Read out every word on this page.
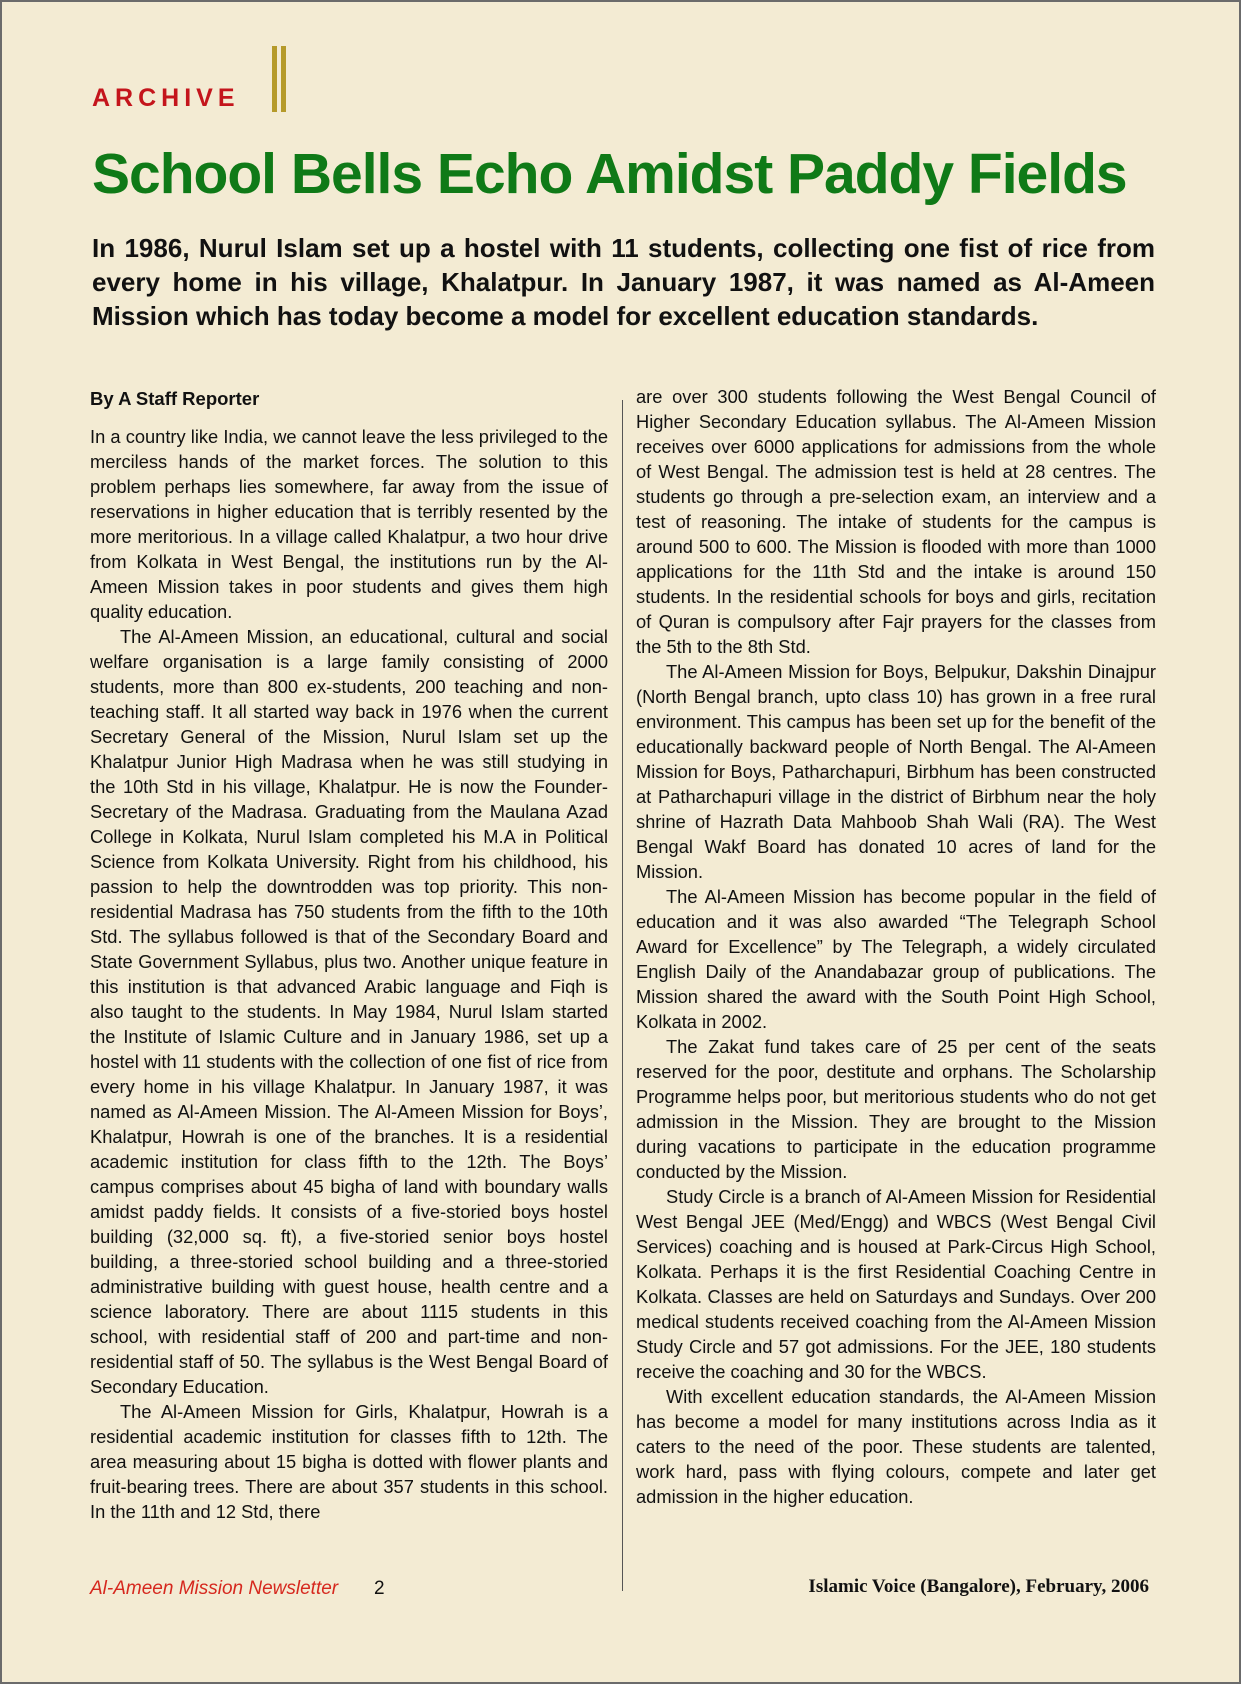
ARCHIVE
School Bells Echo Amidst Paddy Fields
In 1986, Nurul Islam set up a hostel with 11 students, collecting one fist of rice from every home in his village, Khalatpur. In January 1987, it was named as Al-Ameen Mission which has today become a model for excellent education standards.
By A Staff Reporter

In a country like India, we cannot leave the less privileged to the merciless hands of the market forces. The solution to this problem perhaps lies somewhere, far away from the issue of reservations in higher education that is terribly resented by the more meritorious. In a village called Khalatpur, a two hour drive from Kolkata in West Bengal, the institutions run by the Al-Ameen Mission takes in poor students and gives them high quality education.

The Al-Ameen Mission, an educational, cultural and social welfare organisation is a large family consisting of 2000 students, more than 800 ex-students, 200 teaching and non-teaching staff. It all started way back in 1976 when the current Secretary General of the Mission, Nurul Islam set up the Khalatpur Junior High Madrasa when he was still studying in the 10th Std in his village, Khalatpur. He is now the Founder-Secretary of the Madrasa. Graduating from the Maulana Azad College in Kolkata, Nurul Islam completed his M.A in Political Science from Kolkata University. Right from his childhood, his passion to help the downtrodden was top priority. This non-residential Madrasa has 750 students from the fifth to the 10th Std. The syllabus followed is that of the Secondary Board and State Government Syllabus, plus two. Another unique feature in this institution is that advanced Arabic language and Fiqh is also taught to the students. In May 1984, Nurul Islam started the Institute of Islamic Culture and in January 1986, set up a hostel with 11 students with the collection of one fist of rice from every home in his village Khalatpur. In January 1987, it was named as Al-Ameen Mission. The Al-Ameen Mission for Boys’, Khalatpur, Howrah is one of the branches. It is a residential academic institution for class fifth to the 12th. The Boys’ campus comprises about 45 bigha of land with boundary walls amidst paddy fields. It consists of a five-storied boys hostel building (32,000 sq. ft), a five-storied senior boys hostel building, a three-storied school building and a three-storied administrative building with guest house, health centre and a science laboratory. There are about 1115 students in this school, with residential staff of 200 and part-time and non-residential staff of 50. The syllabus is the West Bengal Board of Secondary Education.

The Al-Ameen Mission for Girls, Khalatpur, Howrah is a residential academic institution for classes fifth to 12th. The area measuring about 15 bigha is dotted with flower plants and fruit-bearing trees. There are about 357 students in this school. In the 11th and 12 Std, there

are over 300 students following the West Bengal Council of Higher Secondary Education syllabus. The Al-Ameen Mission receives over 6000 applications for admissions from the whole of West Bengal. The admission test is held at 28 centres. The students go through a pre-selection exam, an interview and a test of reasoning. The intake of students for the campus is around 500 to 600. The Mission is flooded with more than 1000 applications for the 11th Std and the intake is around 150 students. In the residential schools for boys and girls, recitation of Quran is compulsory after Fajr prayers for the classes from the 5th to the 8th Std.

The Al-Ameen Mission for Boys, Belpukur, Dakshin Dinajpur (North Bengal branch, upto class 10) has grown in a free rural environment. This campus has been set up for the benefit of the educationally backward people of North Bengal. The Al-Ameen Mission for Boys, Patharchapuri, Birbhum has been constructed at Patharchapuri village in the district of Birbhum near the holy shrine of Hazrath Data Mahboob Shah Wali (RA). The West Bengal Wakf Board has donated 10 acres of land for the Mission.

The Al-Ameen Mission has become popular in the field of education and it was also awarded “The Telegraph School Award for Excellence” by The Telegraph, a widely circulated English Daily of the Anandabazar group of publications. The Mission shared the award with the South Point High School, Kolkata in 2002.

The Zakat fund takes care of 25 per cent of the seats reserved for the poor, destitute and orphans. The Scholarship Programme helps poor, but meritorious students who do not get admission in the Mission. They are brought to the Mission during vacations to participate in the education programme conducted by the Mission.

Study Circle is a branch of Al-Ameen Mission for Residential West Bengal JEE (Med/Engg) and WBCS (West Bengal Civil Services) coaching and is housed at Park-Circus High School, Kolkata. Perhaps it is the first Residential Coaching Centre in Kolkata. Classes are held on Saturdays and Sundays. Over 200 medical students received coaching from the Al-Ameen Mission Study Circle and 57 got admissions. For the JEE, 180 students receive the coaching and 30 for the WBCS.

With excellent education standards, the Al-Ameen Mission has become a model for many institutions across India as it caters to the need of the poor. These students are talented, work hard, pass with flying colours, compete and later get admission in the higher education.

Al-Ameen Mission Newsletter 2	Islamic Voice (Bangalore), February, 2006
